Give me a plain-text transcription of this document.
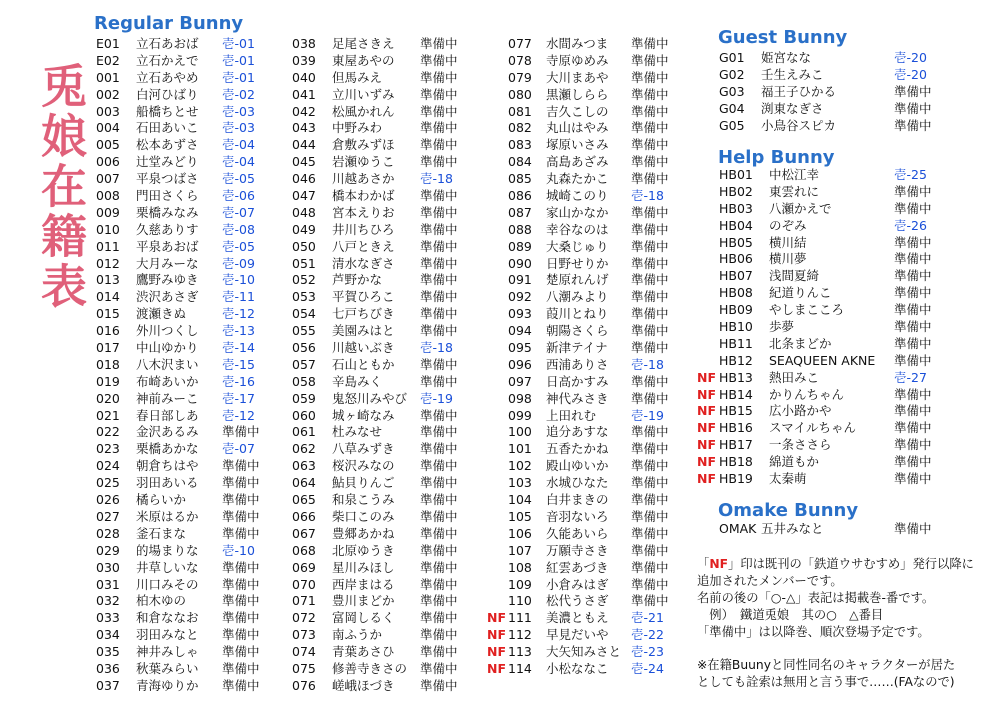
兎娘在籍表
Regular Bunny
Guest Bunny
Help Bunny
Omake Bunny
E01 立石あおば 壱-01
E02 立石かえで 壱-01
001 立石あやめ 壱-01
002 白河ひばり 壱-02
003 船橋ちとせ 壱-03
004 石田あいこ 壱-03
005 松本あずさ 壱-04
006 辻堂みどり 壱-04
007 平泉つばさ 壱-05
008 門田さくら 壱-06
009 栗橋みなみ 壱-07
010 久慈ありす 壱-08
011 平泉あおば 壱-05
012 大月みーな 壱-09
013 鷹野みゆき 壱-10
014 渋沢あさぎ 壱-11
015 渡瀬きぬ	壱-12
016 外川つくし 壱-13
017 中山ゆかり 壱-14
018 八木沢まい 壱-15
019 布崎あいか 壱-16
020 神前みーこ 壱-17
021 春日部しあ 壱-12
022 金沢あるみ 準備中
023 栗橋あかな 壱-07
024 朝倉ちはや 準備中
025 羽田あいる 準備中
026 橘らいか	準備中
027 米原はるか 準備中
028 釜石まな	準備中
029 的場まりな 壱-10
030 井草しいな 準備中
031 川口みその 準備中
032 柏木ゆの	準備中
033 和倉ななお 準備中
034 羽田みなと 準備中
035 神井みしゃ 準備中
036 秋葉みらい 準備中
037 青海ゆりか 準備中
038 足尾さきえ 準備中
039 東屋あやの 準備中
040 但馬みえ	準備中
041 立川いずみ 準備中
042 松風かれん 準備中
043 中野みわ	準備中
044 倉敷みずほ 準備中
045 岩瀬ゆうこ 準備中
046 川越あさか 壱-18
047 橋本わかば 準備中
048 宮本えりお 準備中
049 井川ちひろ 準備中
050 八戸ときえ 準備中
051 清水なぎさ 準備中
052 芦野かな	準備中
053 平賀ひろこ 準備中
054 七戸ちびき 準備中
055 美園みはと 準備中
056 川越いぶき 壱-18
057 石山ともか 準備中
058 辛島みく	準備中
059 鬼怒川みやび 壱-19
060 城ヶ崎なみ 準備中
061 杜みなせ	準備中
062 八草みずき 準備中
063 桜沢みなの 準備中
064 鮎貝りんご 準備中
065 和泉こうみ 準備中
066 柴口このみ 準備中
067 豊郷あかね 準備中
068 北原ゆうき 準備中
069 星川みほし 準備中
070 西岸まはる 準備中
071 豊川まどか 準備中
072 富岡しるく 準備中
073 南ふうか	準備中
074 青葉あさひ 準備中
075 修善寺きさの 準備中
076 嵯峨ほづき 準備中
077 水間みつま 準備中
078 寺原ゆめみ 準備中
079 大川まあや 準備中
080 黒瀬しらら 準備中
081 吉久こしの 準備中
082 丸山はやみ 準備中
083 塚原いさみ 準備中
084 高島あざみ 準備中
085 丸森たかこ 準備中
086 城崎このり 壱-18
087 家山かなか 準備中
088 幸谷なのは 準備中
089 大桑じゅり 準備中
090 日野せりか 準備中
091 楚原れんげ 準備中
092 八潮みより 準備中
093 葭川とねり 準備中
094 朝陽さくら 準備中
095 新津テイナ 準備中
096 西浦ありさ 壱-18
097 日高かすみ 準備中
098 神代みさき 準備中
099 上田れむ	壱-19
100 追分あすな 準備中
101 五香たかね 準備中
102 殿山ゆいか 準備中
103 水城ひなた 準備中
104 白井まきの 準備中
105 音羽ないろ 準備中
106 久能あいら 準備中
107 万願寺さき 準備中
108 紅雲あづき 準備中
109 小倉みはぎ 準備中
110 松代うさぎ 準備中
NF 111 美濃ともえ 壱-21
NF 112 早見だいや 壱-22
NF 113 大矢知みさと 壱-23
NF 114 小松ななこ 壱-24
G01 姫宮なな	壱-20
G02 壬生えみこ	壱-20
G03 福王子ひかる	準備中
G04 渕東なぎさ	準備中
G05 小鳥谷スピカ	準備中
HB01 中松江幸	壱-25
HB02 東雲れに	準備中
HB03 八瀬かえで	準備中
HB04 のぞみ	壱-26
HB05 横川結	準備中
HB06 横川夢	準備中
HB07 浅間夏綺	準備中
HB08 紀道りんこ	準備中
HB09 やしまこころ	準備中
HB10 歩夢	準備中
HB11 北条まどか	準備中
HB12 SEAQUEEN AKNE 準備中
NF HB13 熱田みこ	壱-27
NF HB14 かりんちゃん	準備中
NF HB15 広小路かや	準備中
NF HB16 スマイルちゃん	準備中
NF HB17 一条ささら	準備中
NF HB18 綿道もか	準備中
NF HB19 太秦萌	準備中
OMAK 五井みなと	準備中
「NF」印は既刊の「鉄道ウサむすめ」発行以降に
追加されたメンバーです。
名前の後の「○-△」表記は掲載巻-番です。
　例）　鐵道兎娘　其の○　△番目
「準備中」は以降巻、順次登場予定です。
※在籍Buunyと同性同名のキャラクターが居た
としても詮索は無用と言う事で……(FAなので)
